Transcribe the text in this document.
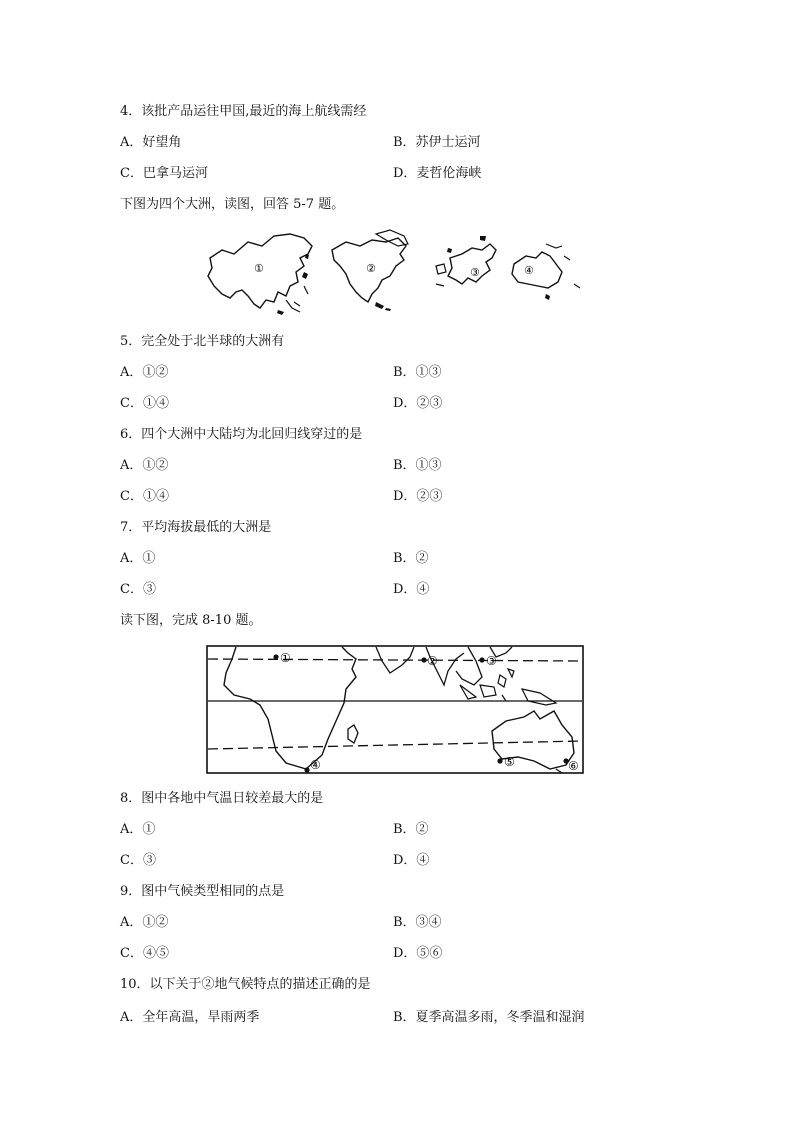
4．该批产品运往甲国,最近的海上航线需经
A．好望角	B．苏伊士运河
C．巴拿马运河	D．麦哲伦海峡
下图为四个大洲，读图，回答 5-7 题。
①	②	③	④
5．完全处于北半球的大洲有
A．①②	B．①③
C．①④	D．②③
6．四个大洲中大陆均为北回归线穿过的是
A．①②	B．①③
C．①④	D．②③
7．平均海拔最低的大洲是
A．①	B．②
C．③	D．④
读下图，完成 8-10 题。
①	②	③
④	⑤	⑥
8．图中各地中气温日较差最大的是
A．①	B．②
C．③	D．④
9．图中气候类型相同的点是
A．①②	B．③④
C．④⑤	D．⑤⑥
10．以下关于②地气候特点的描述正确的是
A．全年高温，旱雨两季	B．夏季高温多雨，冬季温和湿润
